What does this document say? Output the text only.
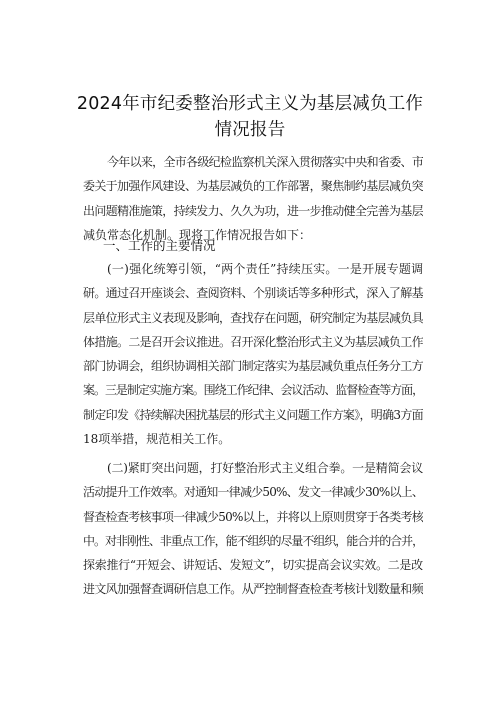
2024年市纪委整治形式主义为基层减负工作
情况报告
今年以来，全市各级纪检监察机关深入贯彻落实中央和省委、市
委关于加强作风建设、为基层减负的工作部署，聚焦制约基层减负突
出问题精准施策，持续发力、久久为功，进一步推动健全完善为基层
减负常态化机制。现将工作情况报告如下：
一、工作的主要情况
(一)强化统筹引领，“两个责任”持续压实。一是开展专题调
研。通过召开座谈会、查阅资料、个别谈话等多种形式，深入了解基
层单位形式主义表现及影响，查找存在问题，研究制定为基层减负具
体措施。二是召开会议推进。召开深化整治形式主义为基层减负工作
部门协调会，组织协调相关部门制定落实为基层减负重点任务分工方
案。三是制定实施方案。围绕工作纪律、会议活动、监督检查等方面，
制定印发《持续解决困扰基层的形式主义问题工作方案》，明确3方面
18项举措，规范相关工作。
(二)紧盯突出问题，打好整治形式主义组合拳。一是精简会议
活动提升工作效率。对通知一律减少50%、发文一律减少30%以上、
督查检查考核事项一律减少50%以上，并将以上原则贯穿于各类考核
中。对非刚性、非重点工作，能不组织的尽量不组织，能合并的合并，
探索推行“开短会、讲短话、发短文”，切实提高会议实效。二是改
进文风加强督查调研信息工作。从严控制督查检查考核计划数量和频
